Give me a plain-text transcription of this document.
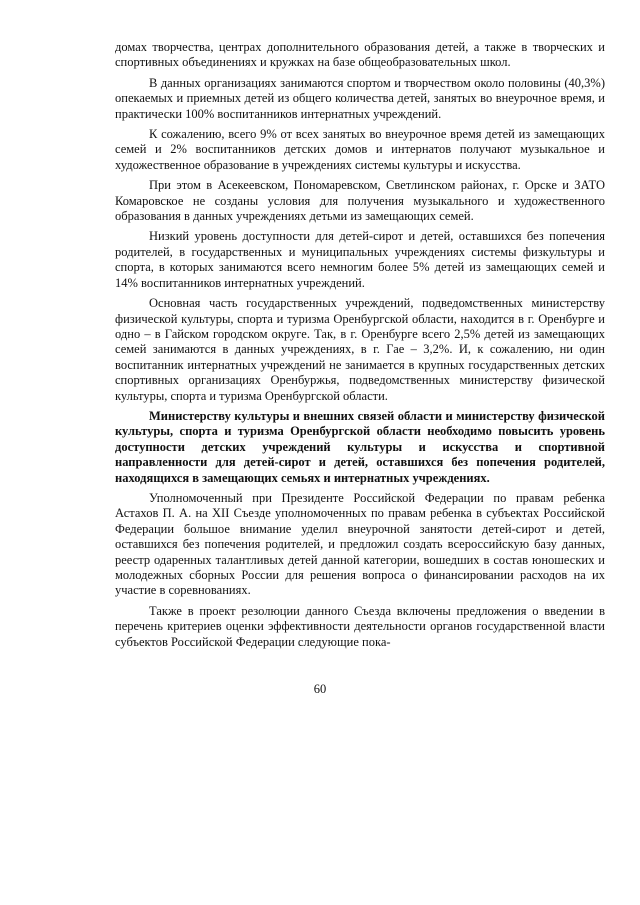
домах творчества, центрах дополнительного образования детей, а также в творческих и спортивных объединениях и кружках на базе общеобразовательных школ.

В данных организациях занимаются спортом и творчеством около половины (40,3%) опекаемых и приемных детей из общего количества детей, занятых во внеурочное время, и практически 100% воспитанников интернатных учреждений.

К сожалению, всего 9% от всех занятых во внеурочное время детей из замещающих семей и 2% воспитанников детских домов и интернатов получают музыкальное и художественное образование в учреждениях системы культуры и искусства.

При этом в Асекеевском, Пономаревском, Светлинском районах, г. Орске и ЗАТО Комаровское не созданы условия для получения музыкального и художественного образования в данных учреждениях детьми из замещающих семей.

Низкий уровень доступности для детей-сирот и детей, оставшихся без попечения родителей, в государственных и муниципальных учреждениях системы физкультуры и спорта, в которых занимаются всего немногим более 5% детей из замещающих семей и 14% воспитанников интернатных учреждений.

Основная часть государственных учреждений, подведомственных министерству физической культуры, спорта и туризма Оренбургской области, находится в г. Оренбурге и одно – в Гайском городском округе. Так, в г. Оренбурге всего 2,5% детей из замещающих семей занимаются в данных учреждениях, в г. Гае – 3,2%. И, к сожалению, ни один воспитанник интернатных учреждений не занимается в крупных государственных детских спортивных организациях Оренбуржья, подведомственных министерству физической культуры, спорта и туризма Оренбургской области.

Министерству культуры и внешних связей области и министерству физической культуры, спорта и туризма Оренбургской области необходимо повысить уровень доступности детских учреждений культуры и искусства и спортивной направленности для детей-сирот и детей, оставшихся без попечения родителей, находящихся в замещающих семьях и интернатных учреждениях.

Уполномоченный при Президенте Российской Федерации по правам ребенка Астахов П. А. на XII Съезде уполномоченных по правам ребенка в субъектах Российской Федерации большое внимание уделил внеурочной занятости детей-сирот и детей, оставшихся без попечения родителей, и предложил создать всероссийскую базу данных, реестр одаренных талантливых детей данной категории, вошедших в состав юношеских и молодежных сборных России для решения вопроса о финансировании расходов на их участие в соревнованиях.

Также в проект резолюции данного Съезда включены предложения о введении в перечень критериев оценки эффективности деятельности органов государственной власти субъектов Российской Федерации следующие пока-

60
